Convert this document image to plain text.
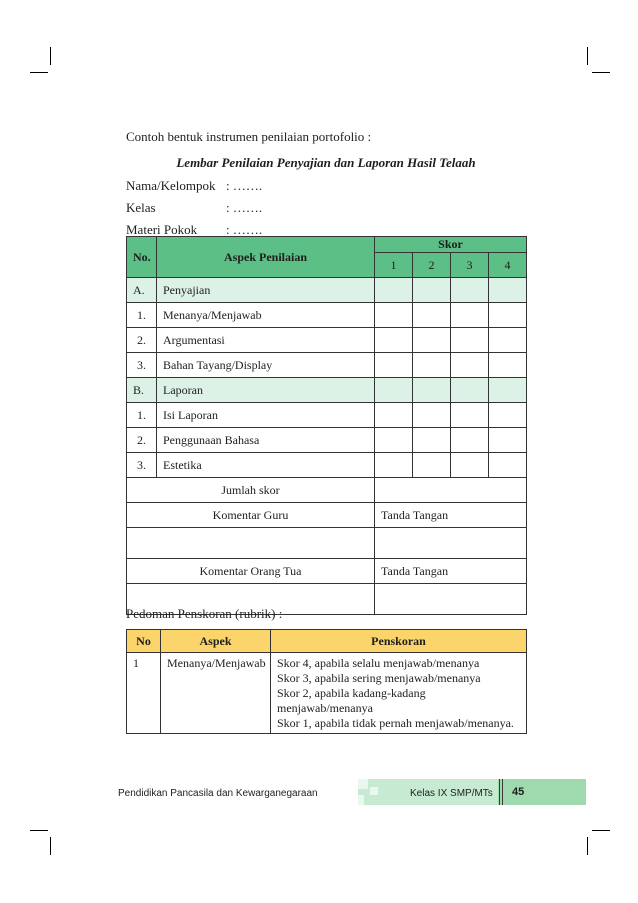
Contoh bentuk instrumen penilaian portofolio :
Lembar Penilaian Penyajian dan Laporan Hasil Telaah
Nama/Kelompok : …….
Kelas	: …….
Materi Pokok : …….
No.	Aspek Penilaian	Skor			
		1	2	3	4
A.	Penyajian				
1.	Menanya/Menjawab				
2.	Argumentasi				
3.	Bahan Tayang/Display				
B.	Laporan				
1.	Isi Laporan				
2.	Penggunaan Bahasa				
3.	Estetika				
Jumlah skor					
Komentar Guru		Tanda Tangan			

Komentar Orang Tua		Tanda Tangan			

Pedoman Penskoran (rubrik) :
No	Aspek	Penskoran
1	Menanya/Menjawab	Skor 4, apabila selalu menjawab/menanya
Skor 3, apabila sering menjawab/menanya
Skor 2, apabila kadang-kadang menjawab/menanya
Skor 1, apabila tidak pernah menjawab/menanya.
Pendidikan Pancasila dan Kewarganegaraan	Kelas IX SMP/MTs 45
